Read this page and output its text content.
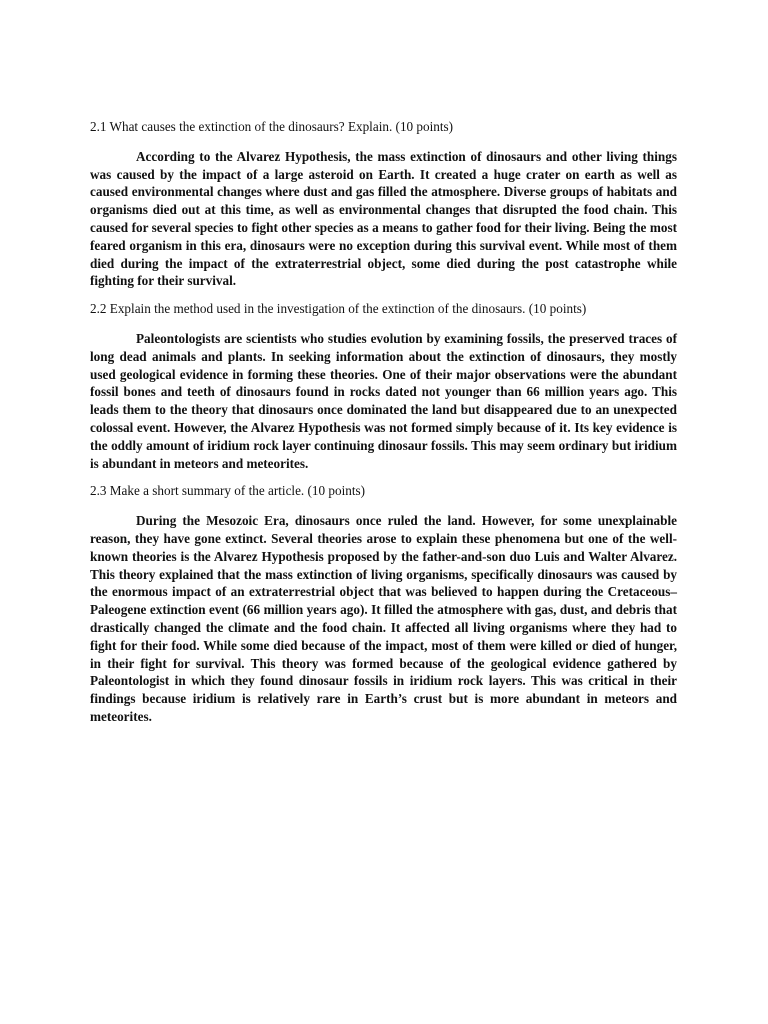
2.1 What causes the extinction of the dinosaurs? Explain. (10 points)

According to the Alvarez Hypothesis, the mass extinction of dinosaurs and other living things was caused by the impact of a large asteroid on Earth. It created a huge crater on earth as well as caused environmental changes where dust and gas filled the atmosphere. Diverse groups of habitats and organisms died out at this time, as well as environmental changes that disrupted the food chain. This caused for several species to fight other species as a means to gather food for their living. Being the most feared organism in this era, dinosaurs were no exception during this survival event. While most of them died during the impact of the extraterrestrial object, some died during the post catastrophe while fighting for their survival.

2.2 Explain the method used in the investigation of the extinction of the dinosaurs. (10 points)

Paleontologists are scientists who studies evolution by examining fossils, the preserved traces of long dead animals and plants. In seeking information about the extinction of dinosaurs, they mostly used geological evidence in forming these theories. One of their major observations were the abundant fossil bones and teeth of dinosaurs found in rocks dated not younger than 66 million years ago. This leads them to the theory that dinosaurs once dominated the land but disappeared due to an unexpected colossal event. However, the Alvarez Hypothesis was not formed simply because of it. Its key evidence is the oddly amount of iridium rock layer continuing dinosaur fossils. This may seem ordinary but iridium is abundant in meteors and meteorites.

2.3 Make a short summary of the article. (10 points)

During the Mesozoic Era, dinosaurs once ruled the land. However, for some unexplainable reason, they have gone extinct. Several theories arose to explain these phenomena but one of the well-known theories is the Alvarez Hypothesis proposed by the father-and-son duo Luis and Walter Alvarez. This theory explained that the mass extinction of living organisms, specifically dinosaurs was caused by the enormous impact of an extraterrestrial object that was believed to happen during the Cretaceous–Paleogene extinction event (66 million years ago). It filled the atmosphere with gas, dust, and debris that drastically changed the climate and the food chain. It affected all living organisms where they had to fight for their food. While some died because of the impact, most of them were killed or died of hunger, in their fight for survival. This theory was formed because of the geological evidence gathered by Paleontologist in which they found dinosaur fossils in iridium rock layers. This was critical in their findings because iridium is relatively rare in Earth’s crust but is more abundant in meteors and meteorites.
